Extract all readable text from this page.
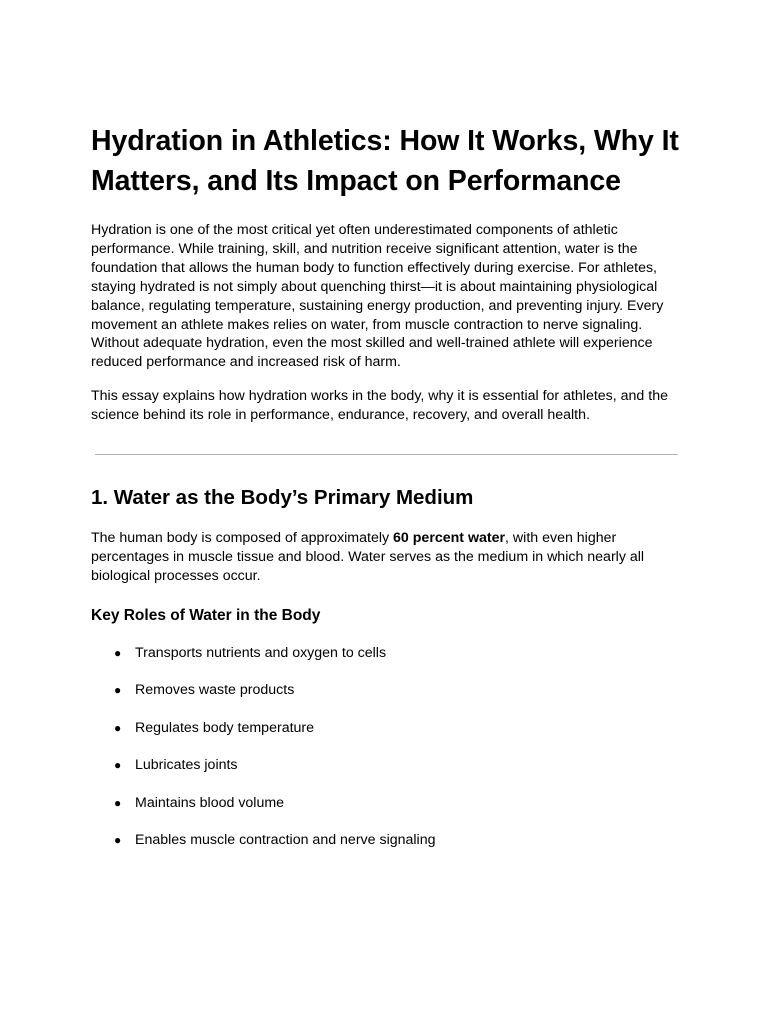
Hydration in Athletics: How It Works, Why It Matters, and Its Impact on Performance

Hydration is one of the most critical yet often underestimated components of athletic performance. While training, skill, and nutrition receive significant attention, water is the foundation that allows the human body to function effectively during exercise. For athletes, staying hydrated is not simply about quenching thirst—it is about maintaining physiological balance, regulating temperature, sustaining energy production, and preventing injury. Every movement an athlete makes relies on water, from muscle contraction to nerve signaling. Without adequate hydration, even the most skilled and well-trained athlete will experience reduced performance and increased risk of harm.

This essay explains how hydration works in the body, why it is essential for athletes, and the science behind its role in performance, endurance, recovery, and overall health.

1. Water as the Body’s Primary Medium

The human body is composed of approximately 60 percent water, with even higher percentages in muscle tissue and blood. Water serves as the medium in which nearly all biological processes occur.

Key Roles of Water in the Body
● Transports nutrients and oxygen to cells
● Removes waste products
● Regulates body temperature
● Lubricates joints
● Maintains blood volume
● Enables muscle contraction and nerve signaling
